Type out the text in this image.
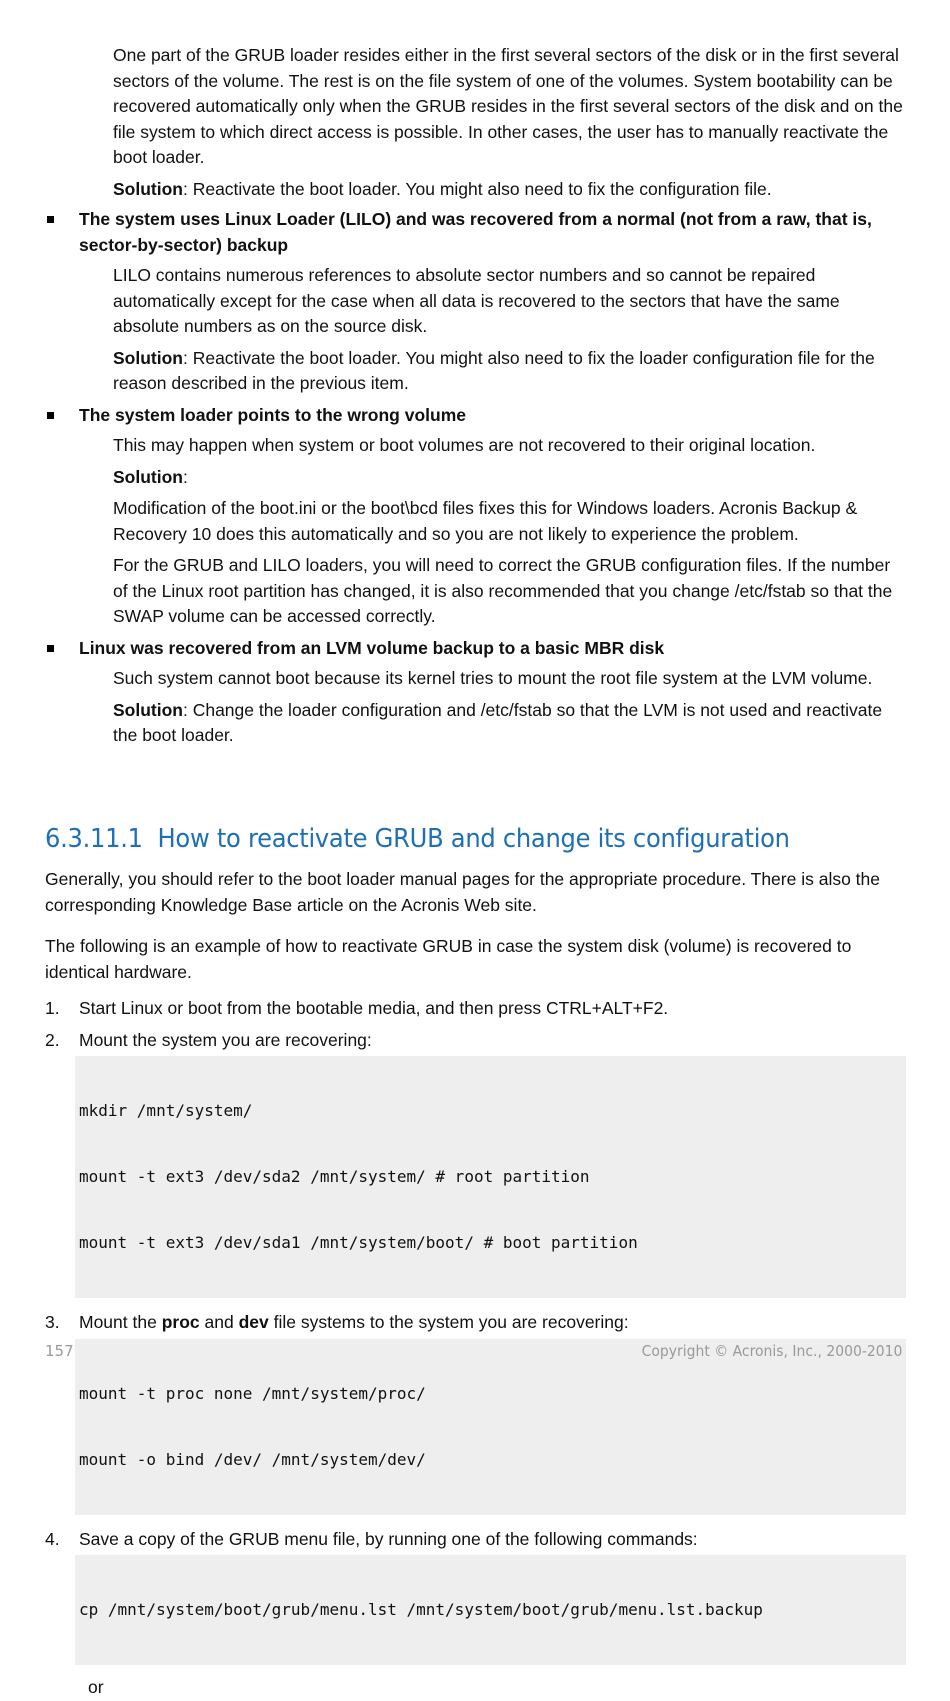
One part of the GRUB loader resides either in the first several sectors of the disk or in the first several sectors of the volume. The rest is on the file system of one of the volumes. System bootability can be recovered automatically only when the GRUB resides in the first several sectors of the disk and on the file system to which direct access is possible. In other cases, the user has to manually reactivate the boot loader.

Solution: Reactivate the boot loader. You might also need to fix the configuration file.

The system uses Linux Loader (LILO) and was recovered from a normal (not from a raw, that is, sector-by-sector) backup

LILO contains numerous references to absolute sector numbers and so cannot be repaired automatically except for the case when all data is recovered to the sectors that have the same absolute numbers as on the source disk.

Solution: Reactivate the boot loader. You might also need to fix the loader configuration file for the reason described in the previous item.

The system loader points to the wrong volume

This may happen when system or boot volumes are not recovered to their original location.

Solution:

Modification of the boot.ini or the boot\bcd files fixes this for Windows loaders. Acronis Backup & Recovery 10 does this automatically and so you are not likely to experience the problem.

For the GRUB and LILO loaders, you will need to correct the GRUB configuration files. If the number of the Linux root partition has changed, it is also recommended that you change /etc/fstab so that the SWAP volume can be accessed correctly.

Linux was recovered from an LVM volume backup to a basic MBR disk

Such system cannot boot because its kernel tries to mount the root file system at the LVM volume.

Solution: Change the loader configuration and /etc/fstab so that the LVM is not used and reactivate the boot loader.

6.3.11.1 How to reactivate GRUB and change its configuration

Generally, you should refer to the boot loader manual pages for the appropriate procedure. There is also the corresponding Knowledge Base article on the Acronis Web site.

The following is an example of how to reactivate GRUB in case the system disk (volume) is recovered to identical hardware.

1. Start Linux or boot from the bootable media, and then press CTRL+ALT+F2.
2. Mount the system you are recovering:

mkdir /mnt/system/

mount -t ext3 /dev/sda2 /mnt/system/ # root partition

mount -t ext3 /dev/sda1 /mnt/system/boot/ # boot partition

3. Mount the proc and dev file systems to the system you are recovering:

mount -t proc none /mnt/system/proc/

mount -o bind /dev/ /mnt/system/dev/

4. Save a copy of the GRUB menu file, by running one of the following commands:

cp /mnt/system/boot/grub/menu.lst /mnt/system/boot/grub/menu.lst.backup

or

157	Copyright © Acronis, Inc., 2000-2010
